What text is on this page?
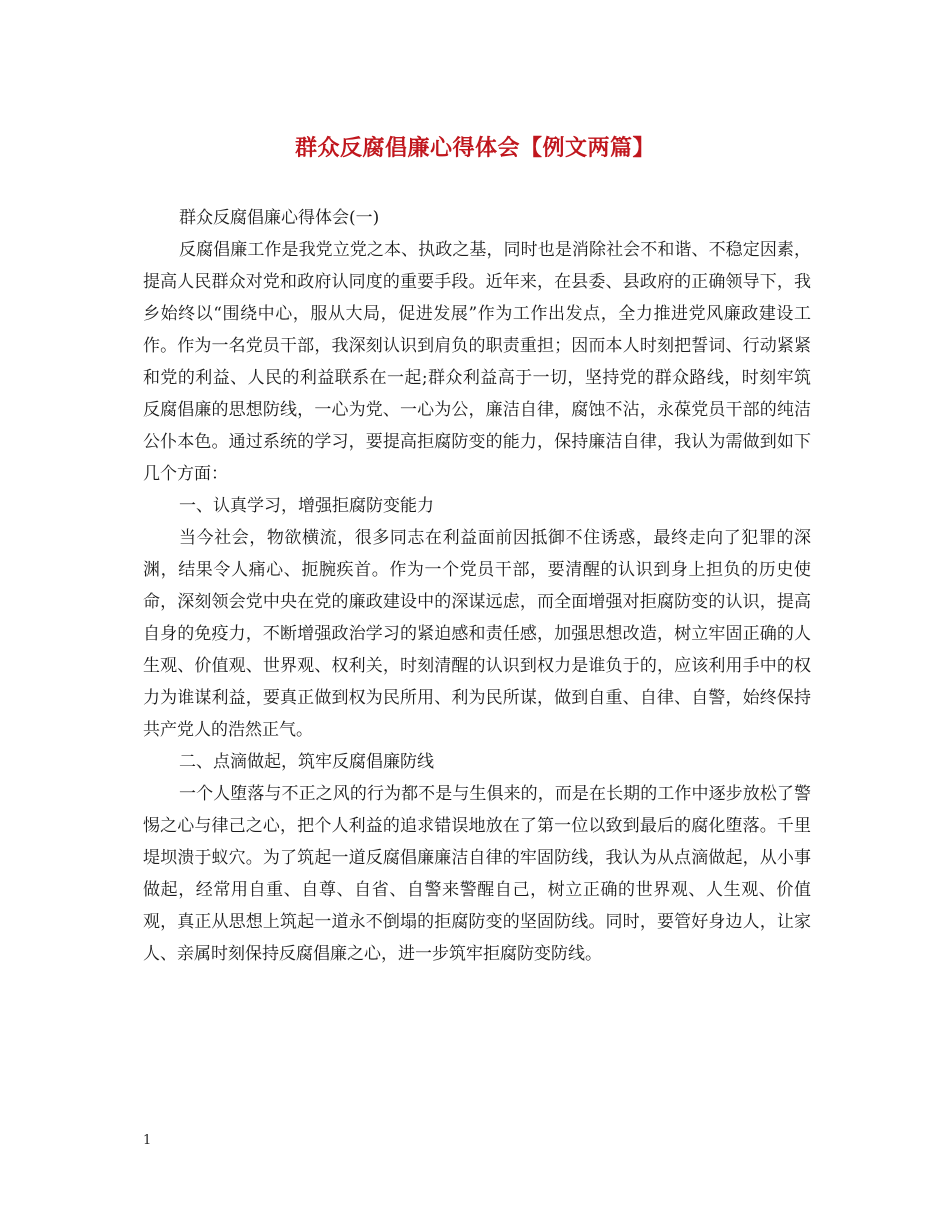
群众反腐倡廉心得体会【例文两篇】

群众反腐倡廉心得体会(一)

反腐倡廉工作是我党立党之本、执政之基，同时也是消除社会不和谐、不稳定因素，提高人民群众对党和政府认同度的重要手段。近年来，在县委、县政府的正确领导下，我乡始终以“围绕中心，服从大局，促进发展”作为工作出发点，全力推进党风廉政建设工作。作为一名党员干部，我深刻认识到肩负的职责重担；因而本人时刻把誓词、行动紧紧和党的利益、人民的利益联系在一起;群众利益高于一切，坚持党的群众路线，时刻牢筑反腐倡廉的思想防线，一心为党、一心为公，廉洁自律，腐蚀不沾，永葆党员干部的纯洁公仆本色。通过系统的学习，要提高拒腐防变的能力，保持廉洁自律，我认为需做到如下几个方面：

一、认真学习，增强拒腐防变能力

当今社会，物欲横流，很多同志在利益面前因抵御不住诱惑，最终走向了犯罪的深渊，结果令人痛心、扼腕疾首。作为一个党员干部，要清醒的认识到身上担负的历史使命，深刻领会党中央在党的廉政建设中的深谋远虑，而全面增强对拒腐防变的认识，提高自身的免疫力，不断增强政治学习的紧迫感和责任感，加强思想改造，树立牢固正确的人生观、价值观、世界观、权利关，时刻清醒的认识到权力是谁负于的，应该利用手中的权力为谁谋利益，要真正做到权为民所用、利为民所谋，做到自重、自律、自警，始终保持共产党人的浩然正气。

二、点滴做起，筑牢反腐倡廉防线

一个人堕落与不正之风的行为都不是与生俱来的，而是在长期的工作中逐步放松了警惕之心与律己之心，把个人利益的追求错误地放在了第一位以致到最后的腐化堕落。千里堤坝溃于蚁穴。为了筑起一道反腐倡廉廉洁自律的牢固防线，我认为从点滴做起，从小事做起，经常用自重、自尊、自省、自警来警醒自己，树立正确的世界观、人生观、价值观，真正从思想上筑起一道永不倒塌的拒腐防变的坚固防线。同时，要管好身边人，让家人、亲属时刻保持反腐倡廉之心，进一步筑牢拒腐防变防线。

1
